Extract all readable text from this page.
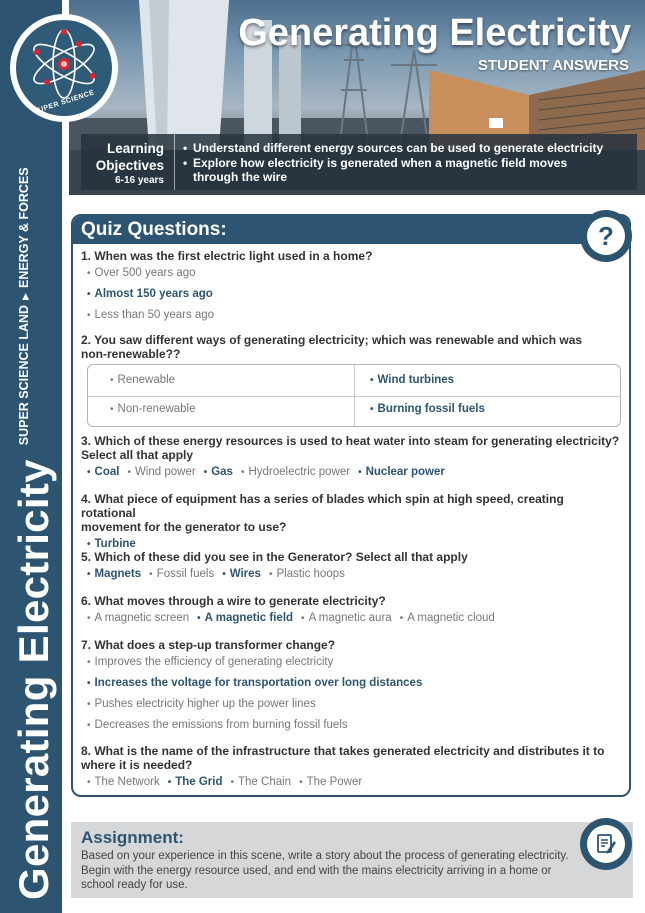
SUPER SCIENCE
Generating Electricity
SUPER SCIENCE LAND▶ENERGY & FORCES
Generating Electricity
STUDENT ANSWERS
Learning
Objectives
6-16 years
• Understand different energy sources can be used to generate electricity
• Explore how electricity is generated when a magnetic field moves
through the wire
?
Quiz Questions:
1. When was the first electric light used in a home?
• Over 500 years ago
• Almost 150 years ago
• Less than 50 years ago
2. You saw different ways of generating electricity; which was renewable and which was
non-renewable??
• Renewable	• Wind turbines
• Non-renewable	• Burning fossil fuels
3. Which of these energy resources is used to heat water into steam for generating electricity?
Select all that apply
• Coal • Wind power • Gas • Hydroelectric power • Nuclear power
4. What piece of equipment has a series of blades which spin at high speed, creating rotational
movement for the generator to use?
• Turbine
5. Which of these did you see in the Generator? Select all that apply
• Magnets • Fossil fuels • Wires • Plastic hoops
6. What moves through a wire to generate electricity?
• A magnetic screen • A magnetic field • A magnetic aura • A magnetic cloud
7. What does a step-up transformer change?
• Improves the efficiency of generating electricity
• Increases the voltage for transportation over long distances
• Pushes electricity higher up the power lines
• Decreases the emissions from burning fossil fuels
8. What is the name of the infrastructure that takes generated electricity and distributes it to
where it is needed?
• The Network • The Grid • The Chain • The Power
Assignment:
Based on your experience in this scene, write a story about the process of generating electricity. Begin with the energy resource used, and end with the mains electricity arriving in a home or school ready for use.
